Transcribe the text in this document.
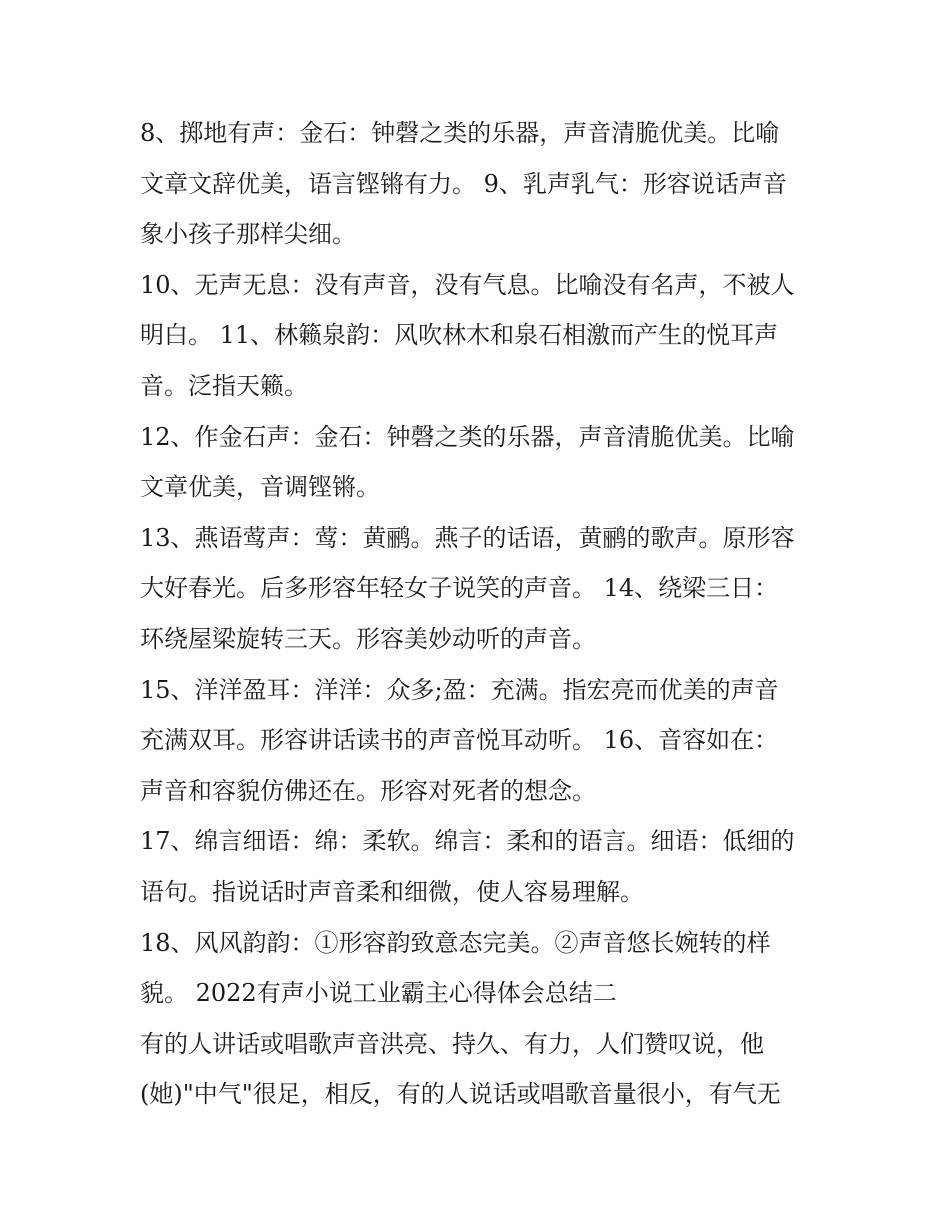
8、掷地有声：金石：钟磬之类的乐器，声音清脆优美。比喻
文章文辞优美，语言铿锵有力。 9、乳声乳气：形容说话声音
象小孩子那样尖细。
10、无声无息：没有声音，没有气息。比喻没有名声，不被人
明白。 11、林籁泉韵：风吹林木和泉石相激而产生的悦耳声
音。泛指天籁。
12、作金石声：金石：钟磬之类的乐器，声音清脆优美。比喻
文章优美，音调铿锵。
13、燕语莺声：莺：黄鹂。燕子的话语，黄鹂的歌声。原形容
大好春光。后多形容年轻女子说笑的声音。 14、绕梁三日：
环绕屋梁旋转三天。形容美妙动听的声音。
15、洋洋盈耳：洋洋：众多;盈：充满。指宏亮而优美的声音
充满双耳。形容讲话读书的声音悦耳动听。 16、音容如在：
声音和容貌仿佛还在。形容对死者的想念。
17、绵言细语：绵：柔软。绵言：柔和的语言。细语：低细的
语句。指说话时声音柔和细微，使人容易理解。
18、风风韵韵：①形容韵致意态完美。②声音悠长婉转的样
貌。 2022有声小说工业霸主心得体会总结二
有的人讲话或唱歌声音洪亮、持久、有力，人们赞叹说，他
(她)"中气"很足，相反，有的人说话或唱歌音量很小，有气无
